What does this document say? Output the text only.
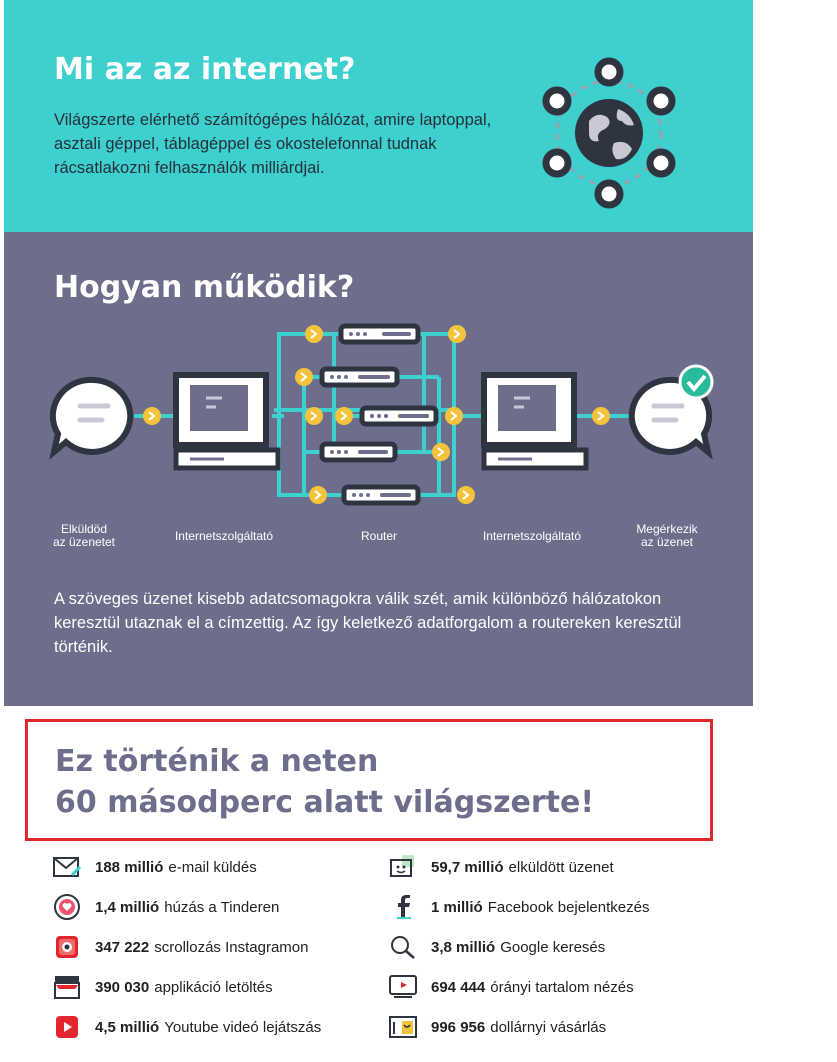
Mi az az internet?
Világszerte elérhető számítógépes hálózat, amire laptoppal, asztali géppel, táblagéppel és okostelefonnal tudnak rácsatlakozni felhasználók milliárdjai.
Hogyan működik?
Elküldöd
az üzenetet	Internetszolgáltató	Router	Internetszolgáltató	Megérkezik
az üzenet
A szöveges üzenet kisebb adatcsomagokra válik szét, amik különböző hálózatokon keresztül utaznak el a címzettig. Az így keletkező adatforgalom a routereken keresztül történik.
Ez történik a neten
60 másodperc alatt világszerte!
188 millió e-mail küldés	59,7 millió elküldött üzenet
1,4 millió húzás a Tinderen	1 millió Facebook bejelentkezés
347 222 scrollozás Instagramon	3,8 millió Google keresés
390 030 applikáció letöltés	694 444 órányi tartalom nézés
4,5 millió Youtube videó lejátszás	996 956 dollárnyi vásárlás
